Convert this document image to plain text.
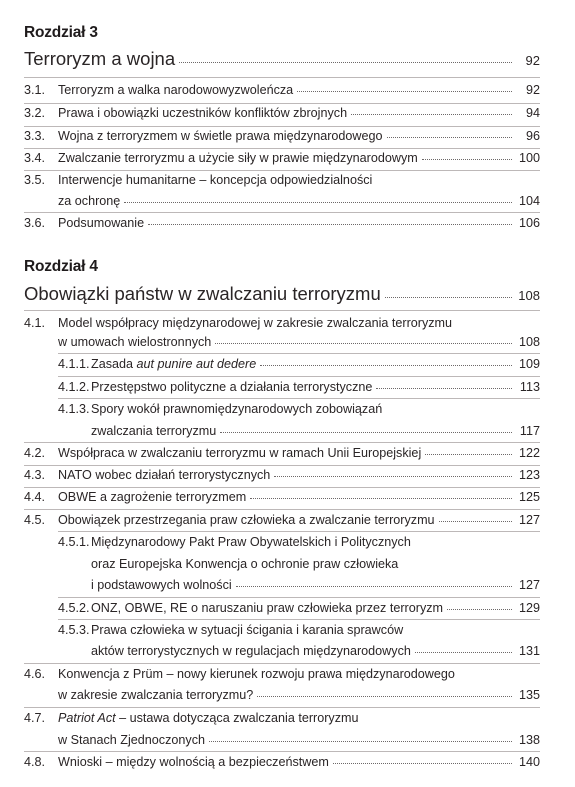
Rozdział 3
Terroryzm a wojna	92
3.1.	Terroryzm a walka narodowowyzwoleńcza	92
3.2.	Prawa i obowiązki uczestników konfliktów zbrojnych	94
3.3.	Wojna z terroryzmem w świetle prawa międzynarodowego	96
3.4.	Zwalczanie terroryzmu a użycie siły w prawie międzynarodowym	100
3.5. Interwencje humanitarne – koncepcja odpowiedzialności
za ochronę	104
3.6.	Podsumowanie	106
Rozdział 4
Obowiązki państw w zwalczaniu terroryzmu	108
4.1. Model współpracy międzynarodowej w zakresie zwalczania terroryzmu
w umowach wielostronnych	108
4.1.1. Zasada aut punire aut dedere	109
4.1.2. Przestępstwo polityczne a działania terrorystyczne	113
4.1.3.Spory wokół prawnomiędzynarodowych zobowiązań
zwalczania terroryzmu	117
4.2.	Współpraca w zwalczaniu terroryzmu w ramach Unii Europejskiej	122
4.3.	NATO wobec działań terrorystycznych	123
4.4.	OBWE a zagrożenie terroryzmem	125
4.5.	Obowiązek przestrzegania praw człowieka a zwalczanie terroryzmu	127
4.5.1.Międzynarodowy Pakt Praw Obywatelskich i Politycznych
oraz Europejska Konwencja o ochronie praw człowieka
i podstawowych wolności	127
4.5.2. ONZ, OBWE, RE o naruszaniu praw człowieka przez terroryzm	129
4.5.3.Prawa człowieka w sytuacji ścigania i karania sprawców
aktów terrorystycznych w regulacjach międzynarodowych	131
4.6. Konwencja z Prüm – nowy kierunek rozwoju prawa międzynarodowego
w zakresie zwalczania terroryzmu?	135
4.7. Patriot Act – ustawa dotycząca zwalczania terroryzmu
w Stanach Zjednoczonych	138
4.8.	Wnioski – między wolnością a bezpieczeństwem	140
